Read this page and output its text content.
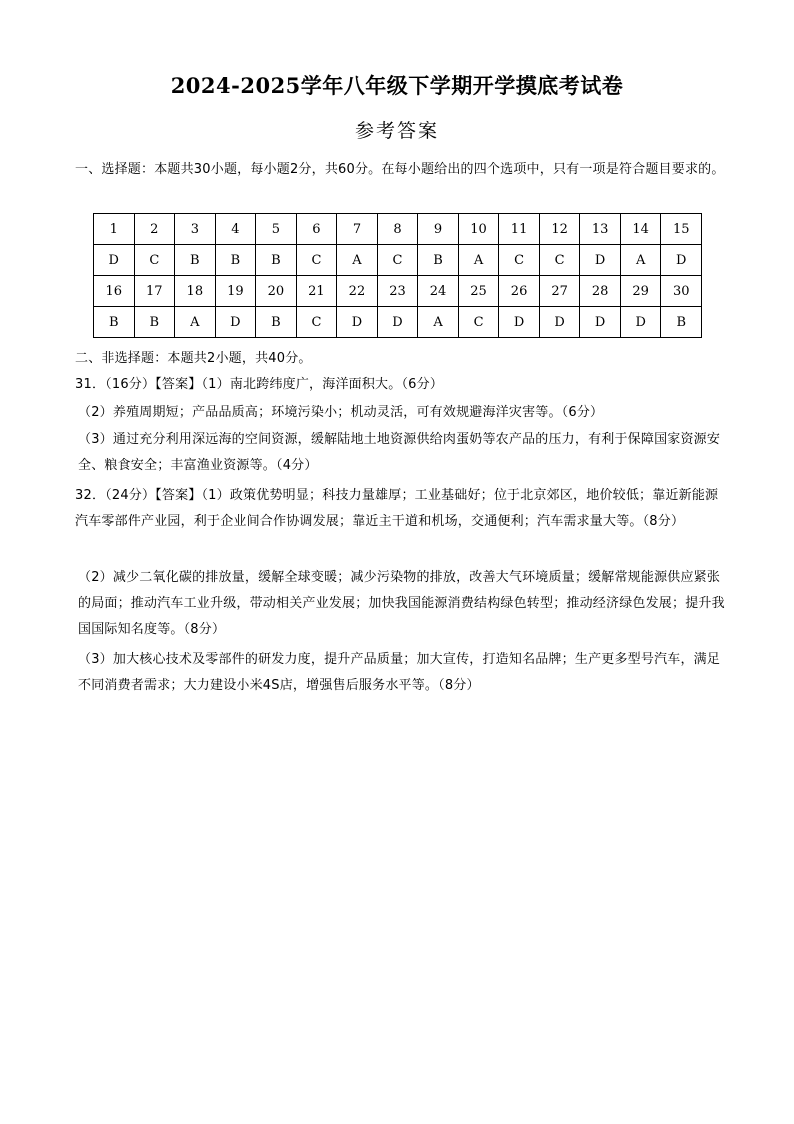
2024-2025学年八年级下学期开学摸底考试卷
参考答案
一、选择题：本题共30小题，每小题2分，共60分。在每小题给出的四个选项中，只有一项是符合题目要求的。
1	2	3	4	5	6	7	8	9	10	11	12	13	14	15
D	C	B	B	B	C	A	C	B	A	C	C	D	A	D
16	17	18	19	20	21	22	23	24	25	26	27	28	29	30
B	B	A	D	B	C	D	D	A	C	D	D	D	D	B
二、非选择题：本题共2小题，共40分。
31．（16分）【答案】（1）南北跨纬度广，海洋面积大。（6分）
（2）养殖周期短；产品品质高；环境污染小；机动灵活，可有效规避海洋灾害等。（6分）
（3）通过充分利用深远海的空间资源，缓解陆地土地资源供给肉蛋奶等农产品的压力，有利于保障国家资源安全、粮食安全；丰富渔业资源等。（4分）
32．（24分）【答案】（1）政策优势明显；科技力量雄厚；工业基础好；位于北京郊区，地价较低；靠近新能源汽车零部件产业园，利于企业间合作协调发展；靠近主干道和机场，交通便利；汽车需求量大等。（8分）
（2）减少二氧化碳的排放量，缓解全球变暖；减少污染物的排放，改善大气环境质量；缓解常规能源供应紧张的局面；推动汽车工业升级，带动相关产业发展；加快我国能源消费结构绿色转型；推动经济绿色发展；提升我国国际知名度等。（8分）
（3）加大核心技术及零部件的研发力度，提升产品质量；加大宣传，打造知名品牌；生产更多型号汽车，满足不同消费者需求；大力建设小米4S店，增强售后服务水平等。（8分）
